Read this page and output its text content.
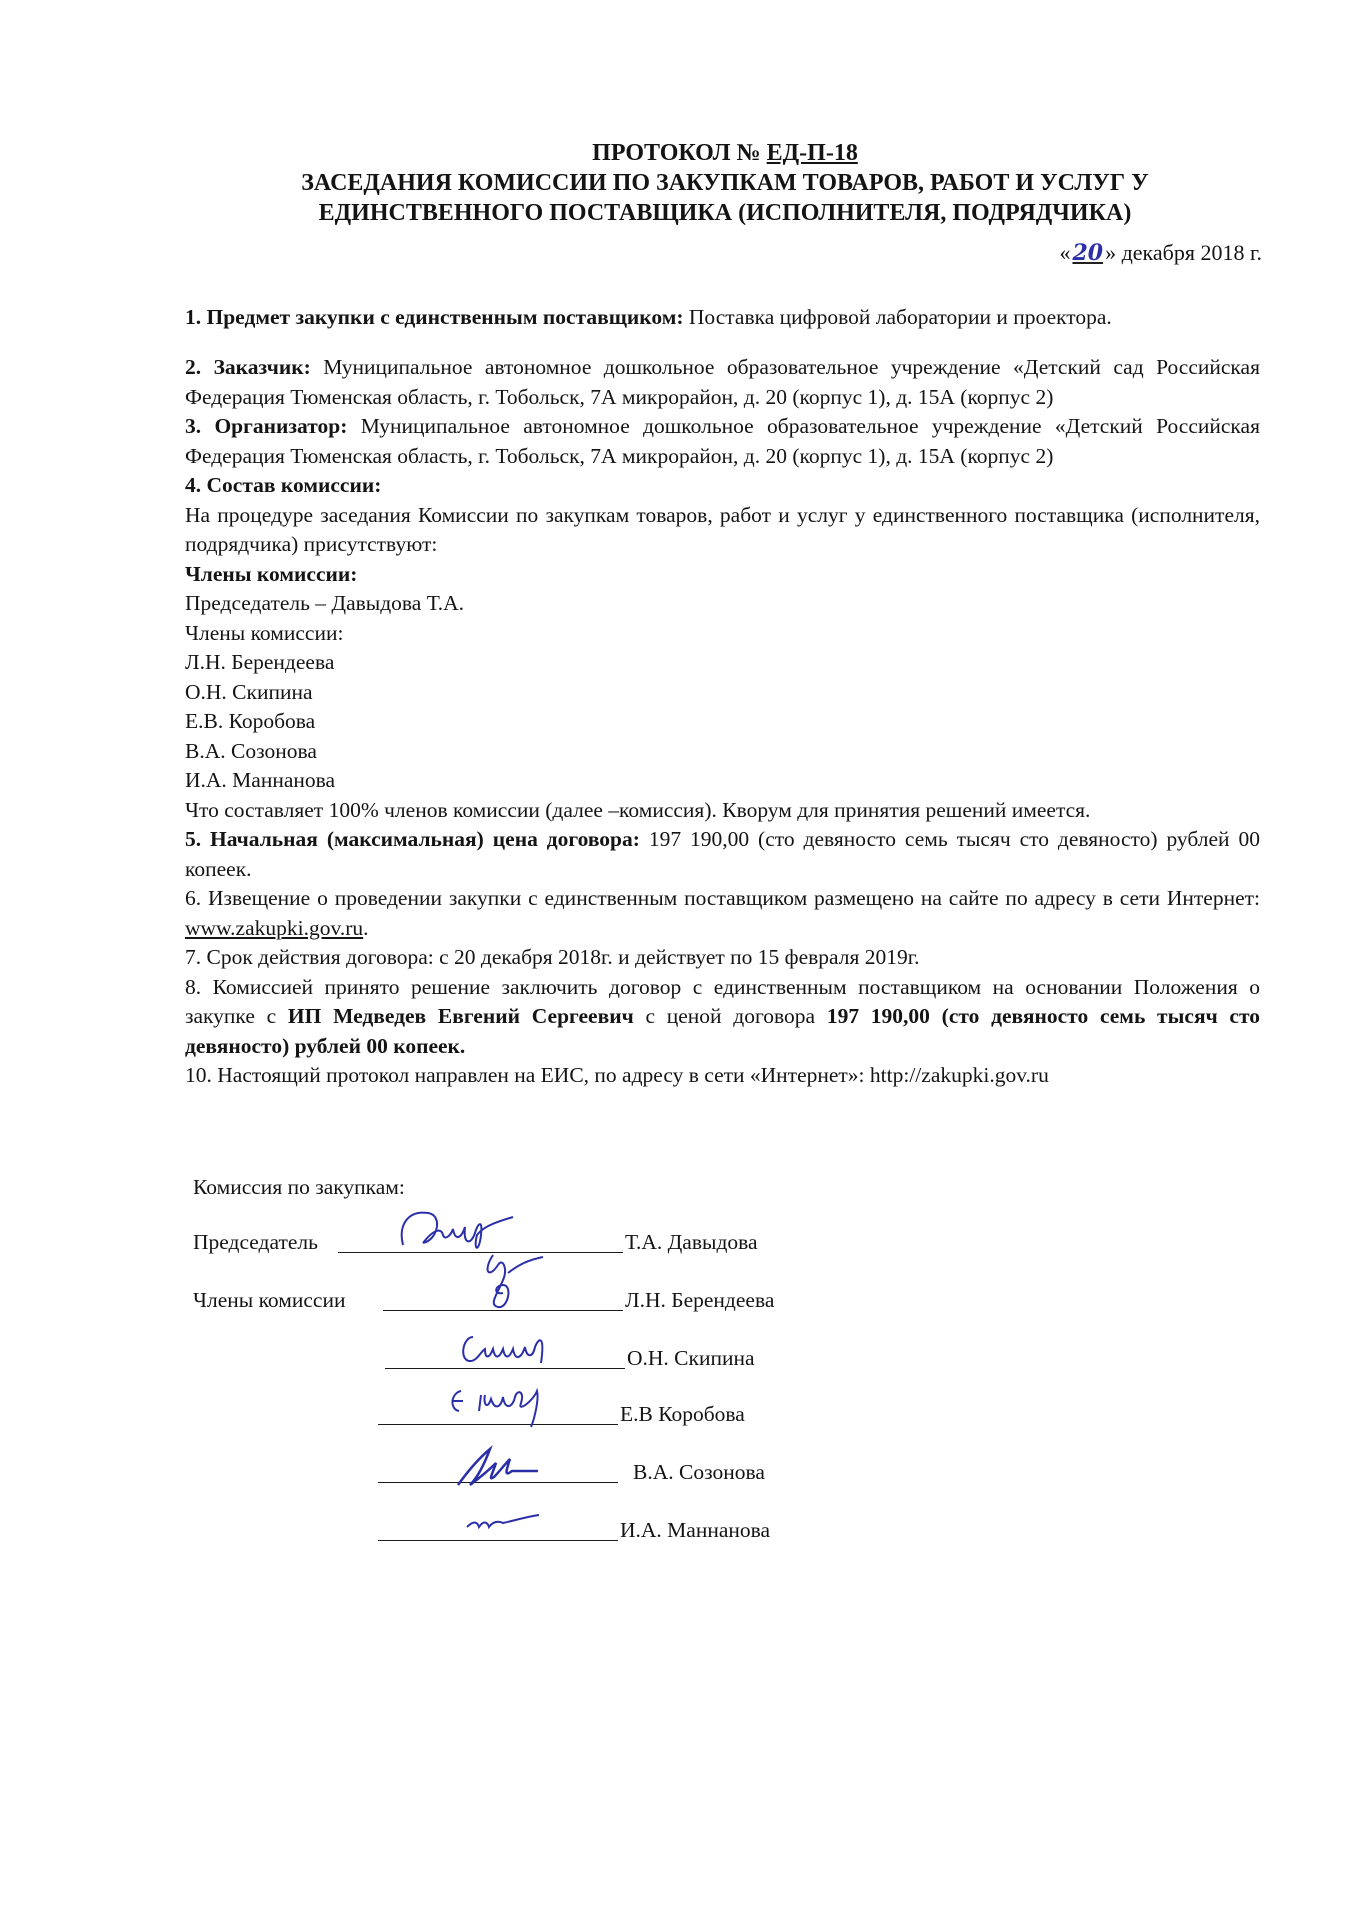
ПРОТОКОЛ № ЕД-П-18
ЗАСЕДАНИЯ КОМИССИИ ПО ЗАКУПКАМ ТОВАРОВ, РАБОТ И УСЛУГ У
ЕДИНСТВЕННОГО ПОСТАВЩИКА (ИСПОЛНИТЕЛЯ, ПОДРЯДЧИКА)
«20» декабря 2018 г.

1. Предмет закупки с единственным поставщиком: Поставка цифровой лаборатории и проектора.

2. Заказчик: Муниципальное автономное дошкольное образовательное учреждение «Детский сад Российская Федерация Тюменская область, г. Тобольск, 7А микрорайон, д. 20 (корпус 1), д. 15А (корпус 2)

3. Организатор: Муниципальное автономное дошкольное образовательное учреждение «Детский Российская Федерация Тюменская область, г. Тобольск, 7А микрорайон, д. 20 (корпус 1), д. 15А (корпус 2)

4. Состав комиссии:

На процедуре заседания Комиссии по закупкам товаров, работ и услуг у единственного поставщика (исполнителя, подрядчика) присутствуют:

Члены комиссии:

Председатель – Давыдова Т.А.

Члены комиссии:

Л.Н. Берендеева

О.Н. Скипина

Е.В. Коробова

В.А. Созонова

И.А. Маннанова

Что составляет 100% членов комиссии (далее –комиссия). Кворум для принятия решений имеется.

5. Начальная (максимальная) цена договора: 197 190,00 (сто девяносто семь тысяч сто девяносто) рублей 00 копеек.

6. Извещение о проведении закупки с единственным поставщиком размещено на сайте по адресу в сети Интернет: www.zakupki.gov.ru.

7. Срок действия договора: с 20 декабря 2018г. и действует по 15 февраля 2019г.

8. Комиссией принято решение заключить договор с единственным поставщиком на основании Положения о закупке с ИП Медведев Евгений Сергеевич с ценой договора 197 190,00 (сто девяносто семь тысяч сто девяносто) рублей 00 копеек.

10. Настоящий протокол направлен на ЕИС, по адресу в сети «Интернет»: http://zakupki.gov.ru

Комиссия по закупкам:
Председатель	Т.А. Давыдова
Члены комиссии	Л.Н. Берендеева
О.Н. Скипина
Е.В Коробова
В.А. Созонова
И.А. Маннанова
